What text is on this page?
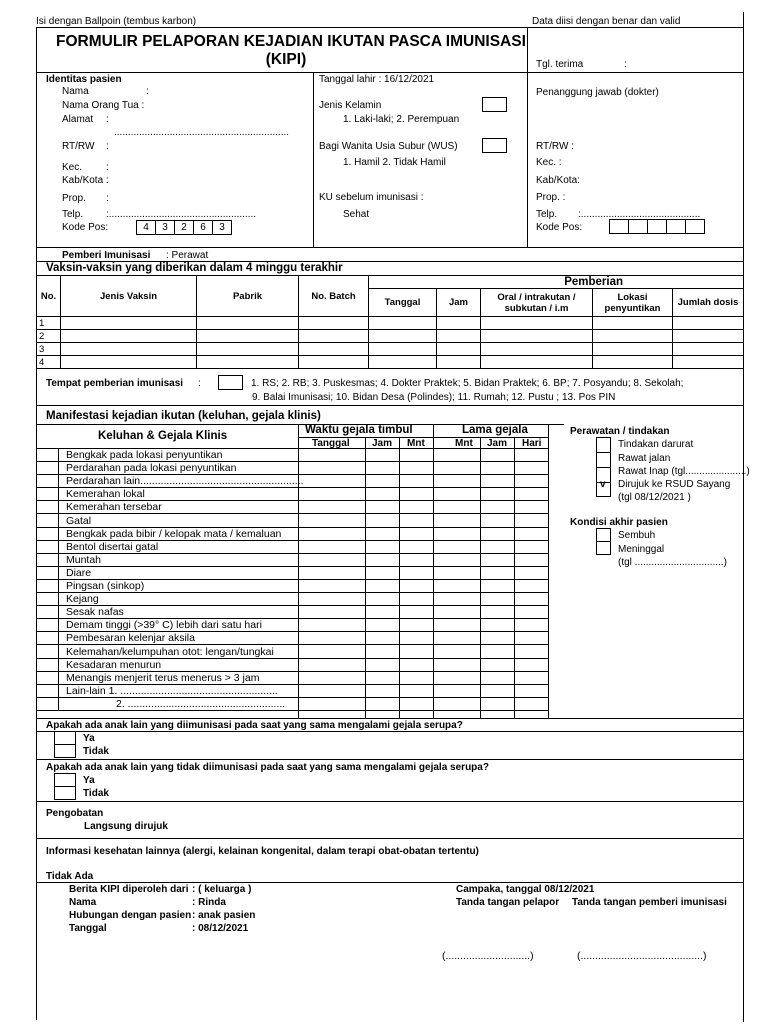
Isi dengan Ballpoin (tembus karbon)	Data diisi dengan benar dan valid
FORMULIR PELAPORAN KEJADIAN IKUTAN PASCA IMUNISASI
(KIPI)	Tgl. terima	:
Identitas pasien
Nama	:
Nama Orang Tua :
Alamat :
...............................................................
RT/RW :
Kec. :
Kab/Kota :
Prop. :
Telp. :.....................................................
Kode Pos:	4	3	2	6	3
Tanggal lahir : 16/12/2021
Jenis Kelamin
1. Laki-laki; 2. Perempuan
Bagi Wanita Usia Subur (WUS)
1. Hamil 2. Tidak Hamil
KU sebelum imunisasi :
Sehat
Penanggung jawab (dokter)
RT/RW :
Kec. :
Kab/Kota:
Prop. :
Telp. :...........................................
Kode Pos:

Pemberi Imunisasi : Perawat
Vaksin-vaksin yang diberikan dalam 4 minggu terakhir
No.	Jenis Vaksin	Pabrik	No. Batch	Pemberian				
				Tanggal	Jam	Oral / intrakutan / subkutan / i.m	Lokasi penyuntikan	Jumlah dosis
1								
2								
3								
4								
Tempat pemberian imunisasi :	1. RS; 2. RB; 3. Puskesmas; 4. Dokter Praktek; 5. Bidan Praktek; 6. BP; 7. Posyandu; 8. Sekolah;
9. Balai Imunisasi; 10. Bidan Desa (Polindes); 11. Rumah; 12. Pustu ; 13. Pos PIN
Manifestasi kejadian ikutan (keluhan, gejala klinis)
Keluhan & Gejala Klinis	Waktu gejala timbul	Lama gejala
Tanggal Jam Mnt	Mnt Jam Hari
Bengkak pada lokasi penyuntikan
Perdarahan pada lokasi penyuntikan
Perdarahan lain........................................................
Kemerahan lokal
Kemerahan tersebar
Gatal
Bengkak pada bibir / kelopak mata / kemaluan
Bentol disertai gatal
Muntah
Diare
Pingsan (sinkop)
Kejang
Sesak nafas
Demam tinggi (>39° C) lebih dari satu hari
Pembesaran kelenjar aksila
Kelemahan/kelumpuhan otot: lengan/tungkai
Kesadaran menurun
Menangis menjerit terus menerus > 3 jam
Lain-lain 1. ......................................................
2. ......................................................
Perawatan / tindakan
Tindakan darurat
Rawat jalan
Rawat Inap (tgl......................)
v Dirujuk ke RSUD Sayang
(tgl 08/12/2021 )
Kondisi akhir pasien
Sembuh
Meninggal
(tgl ................................)
Apakah ada anak lain yang diimunisasi pada saat yang sama mengalami gejala serupa?
Ya
Tidak
Apakah ada anak lain yang tidak diimunisasi pada saat yang sama mengalami gejala serupa?
Ya
Tidak
Pengobatan
Langsung dirujuk
Informasi kesehatan lainnya (alergi, kelainan kongenital, dalam terapi obat-obatan tertentu)
Tidak Ada
Berita KIPI diperoleh dari : ( keluarga )
Nama	: Rinda
Hubungan dengan pasien : anak pasien
Tanggal	: 08/12/2021
Campaka, tanggal 08/12/2021
Tanda tangan pelapor Tanda tangan pemberi imunisasi
(.............................)	(..........................................)
